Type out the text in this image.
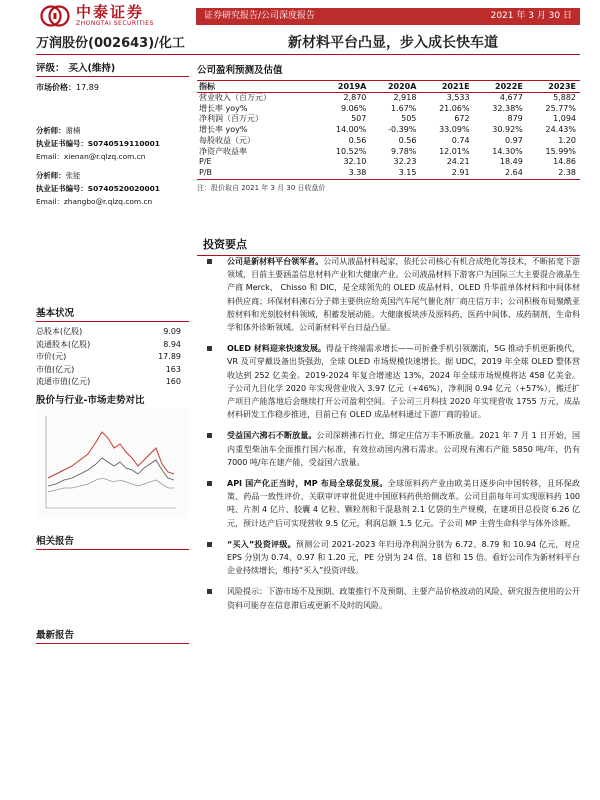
中泰证券
ZHONGTAI SECURITIES
证券研究报告/公司深度报告	2021 年 3 月 30 日
万润股份(002643)/化工	新材料平台凸显，步入成长快车道
评级： 买入(维持)
市场价格：17.89
分析师：谢楠
执业证书编号：S0740519110001
Email：xienan@r.qlzq.com.cn
分析师：张能
执业证书编号：S0740520020001
Email：zhangbo@r.qlzq.com.cn
基本状况
总股本(亿股)	9.09
流通股本(亿股)	8.94
市价(元)	17.89
市值(亿元)	163
流通市值(亿元)	160
股价与行业-市场走势对比
相关报告
最新报告
公司盈利预测及估值
指标	2019A	2020A	2021E	2022E	2023E
营业收入（百万元）	2,870	2,918	3,533	4,677	5,882
增长率 yoy%	9.06%	1.67%	21.06%	32.38%	25.77%
净利润（百万元）	507	505	672	879	1,094
增长率 yoy%	14.00%	-0.39%	33.09%	30.92%	24.43%
每股收益（元）	0.56	0.56	0.74	0.97	1.20
净资产收益率	10.52%	9.78%	12.01%	14.30%	15.99%
P/E	32.10	32.23	24.21	18.49	14.86
P/B	3.38	3.15	2.91	2.64	2.38
注：股价取自 2021 年 3 月 30 日收盘价
投资要点
公司是新材料平台领军者。公司从液晶材料起家，依托公司核心有机合成绝化等技术，不断拓宽下游领域，目前主要涵盖信息材料产业和大健康产业。公司液晶材料下游客户为国际三大主要混合液晶生产商 Merck、 Chisso 和 DIC，是全球领先的 OLED 成品材料、OLED 升华前单体材料和中间体材料供应商；环保材料沸石分子筛主要供应给英国汽车尾气催化剂厂商庄信万丰；公司积极布局聚酰亚胺材料和光刻胶材料领域，积蓄发展动能。大健康板块涉及原料药、医药中间体、成药制剂、生命科学和体外诊断领域。公司新材料平台日益凸显。
OLED 材料迎来快速发展。得益于终端需求增长——可折叠手机引领潮流，5G 推动手机更新换代，VR 及可穿戴设备出货强劲，全球 OLED 市场规模快速增长。据 UDC，2019 年全球 OLED 整体营收达到 252 亿美金。2019-2024 年复合增速达 13%，2024 年全球市场规模将达 458 亿美金。子公司九目化学 2020 年实现营业收入 3.97 亿元（+46%），净利润 0.94 亿元（+57%），搬迁扩产项目产能落地后会继续打开公司盈利空间。子公司三月科技 2020 年实现营收 1755 万元，成品材料研发工作稳步推进，目前已有 OLED 成品材料通过下游厂商的验证。
受益国六沸石不断放量。公司深耕沸石行业，绑定庄信万丰不断放量。2021 年 7 月 1 日开始，国内重型柴油车全面推行国六标准，有效拉动国内沸石需求。公司现有沸石产能 5850 吨/年，仍有 7000 吨/年在建产能，受益国六放量。
API 国产化正当时，MP 布局全球促发展。全球原料药产业由欧美日逐步向中国转移，且环保政策、药品一致性评价、关联审评审批促进中国原料药供给侧改革。公司目前每年可实现原料药 100 吨、片剂 4 亿片、胶囊 4 亿粒、颗粒剂和干混悬剂 2.1 亿袋的生产规模，在建项目总投资 6.26 亿元，预计达产后可实现营收 9.5 亿元，利润总额 1.5 亿元。子公司 MP 主营生命科学与体外诊断。
“买入”投资评级。预测公司 2021-2023 年归母净利润分别为 6.72、8.79 和 10.94 亿元，对应 EPS 分别为 0.74、0.97 和 1.20 元，PE 分别为 24 倍、18 倍和 15 倍。看好公司作为新材料平台企业持续增长，维持“买入”投资评级。
风险提示：下游市场不及预期、政策推行不及预期、主要产品价格波动的风险、研究报告使用的公开资料可能存在信息滞后或更新不及时的风险。
